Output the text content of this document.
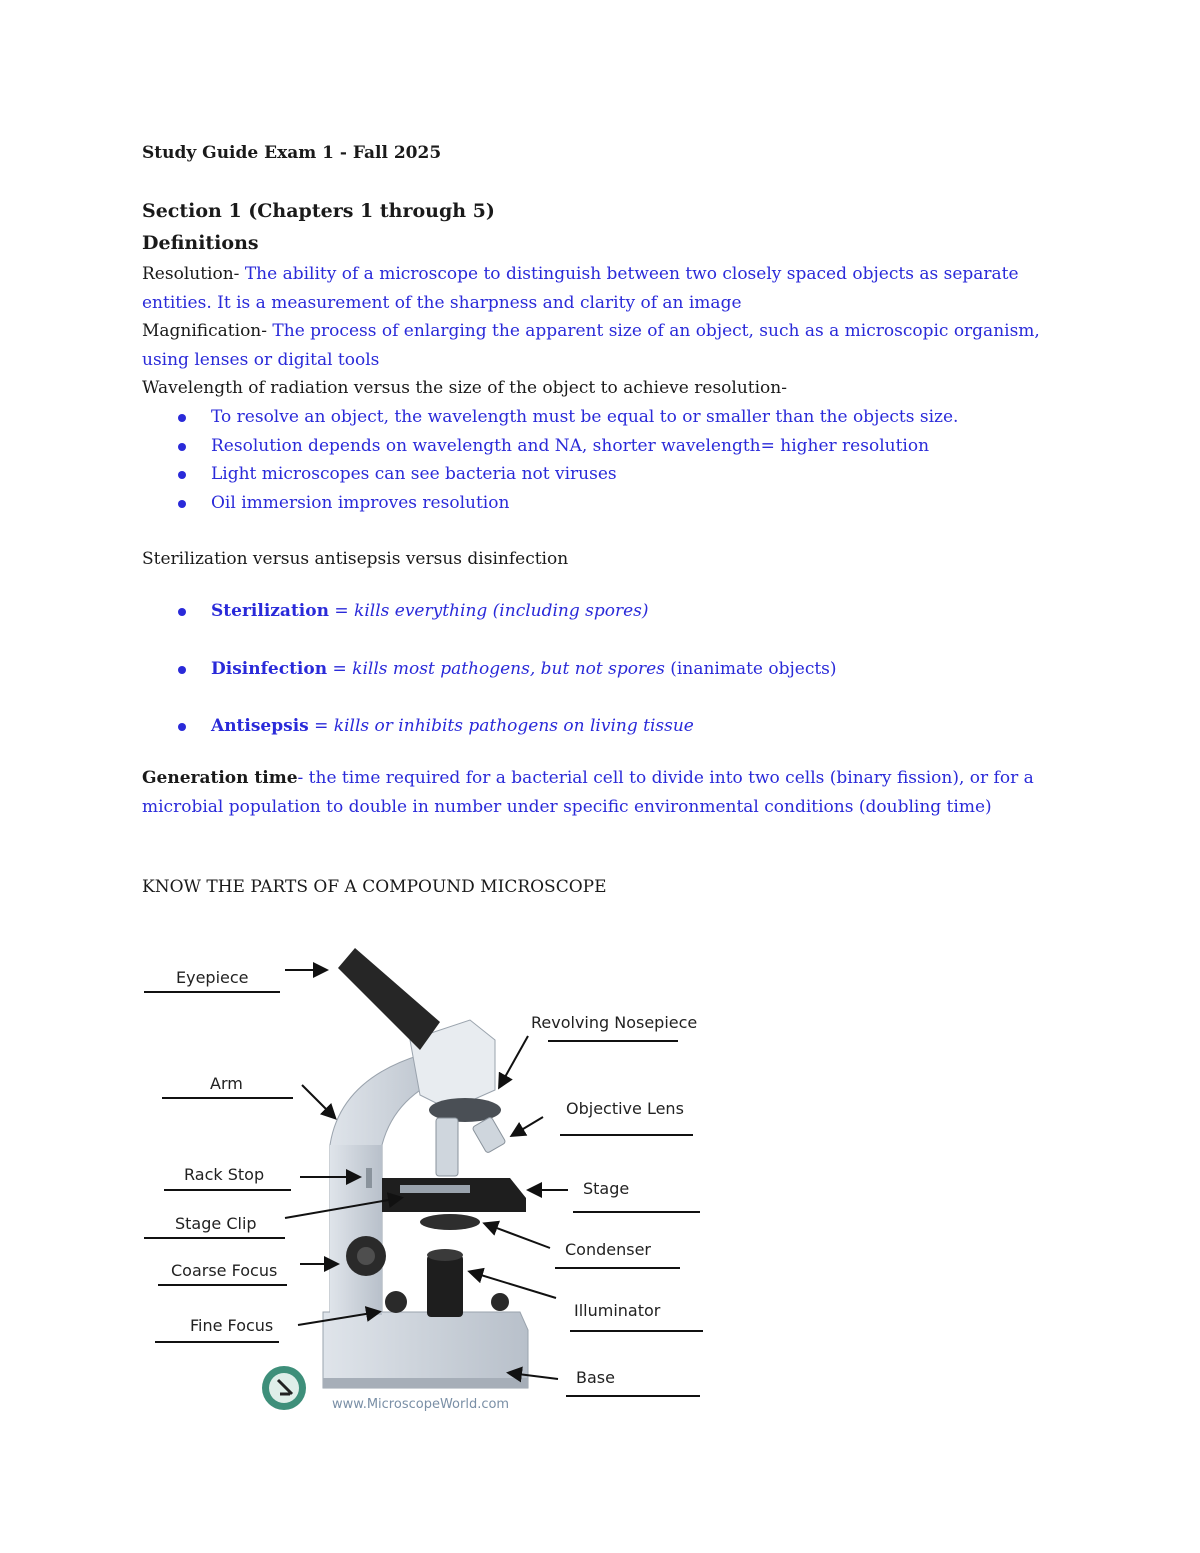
Study Guide Exam 1 - Fall 2025
Section 1 (Chapters 1 through 5)
Definitions
Resolution- The ability of a microscope to distinguish between two closely spaced objects as separate entities. It is a measurement of the sharpness and clarity of an image
Magnification- The process of enlarging the apparent size of an object, such as a microscopic organism, using lenses or digital tools
Wavelength of radiation versus the size of the object to achieve resolution-
To resolve an object, the wavelength must be equal to or smaller than the objects size.
Resolution depends on wavelength and NA, shorter wavelength= higher resolution
Light microscopes can see bacteria not viruses
Oil immersion improves resolution
Sterilization versus antisepsis versus disinfection
Sterilization = kills everything (including spores)
Disinfection = kills most pathogens, but not spores (inanimate objects)
Antisepsis = kills or inhibits pathogens on living tissue
Generation time- the time required for a bacterial cell to divide into two cells (binary fission), or for a microbial population to double in number under specific environmental conditions (doubling time)
KNOW THE PARTS OF A COMPOUND MICROSCOPE
Eyepiece
Arm
Rack Stop
Stage Clip
Coarse Focus
Fine Focus
Revolving Nosepiece
Objective Lens
Stage
Condenser
Illuminator
Base
www.MicroscopeWorld.com
